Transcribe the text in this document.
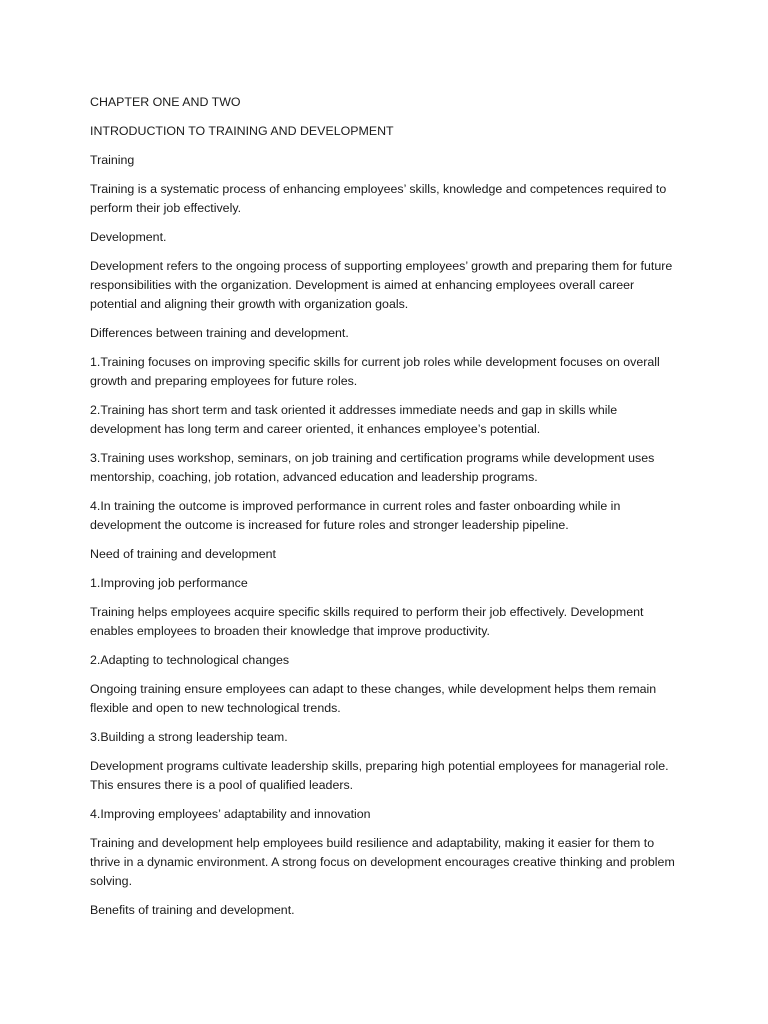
CHAPTER ONE AND TWO

INTRODUCTION TO TRAINING AND DEVELOPMENT

Training

Training is a systematic process of enhancing employees’ skills, knowledge and competences required to perform their job effectively.

Development.

Development refers to the ongoing process of supporting employees’ growth and preparing them for future responsibilities with the organization. Development is aimed at enhancing employees overall career potential and aligning their growth with organization goals.

Differences between training and development.

1.Training focuses on improving specific skills for current job roles while development focuses on overall growth and preparing employees for future roles.

2.Training has short term and task oriented it addresses immediate needs and gap in skills while development has long term and career oriented, it enhances employee’s potential.

3.Training uses workshop, seminars, on job training and certification programs while development uses mentorship, coaching, job rotation, advanced education and leadership programs.

4.In training the outcome is improved performance in current roles and faster onboarding while in development the outcome is increased for future roles and stronger leadership pipeline.

Need of training and development

1.Improving job performance

Training helps employees acquire specific skills required to perform their job effectively. Development enables employees to broaden their knowledge that improve productivity.

2.Adapting to technological changes

Ongoing training ensure employees can adapt to these changes, while development helps them remain flexible and open to new technological trends.

3.Building a strong leadership team.

Development programs cultivate leadership skills, preparing high potential employees for managerial role. This ensures there is a pool of qualified leaders.

4.Improving employees’ adaptability and innovation

Training and development help employees build resilience and adaptability, making it easier for them to thrive in a dynamic environment. A strong focus on development encourages creative thinking and problem solving.

Benefits of training and development.
